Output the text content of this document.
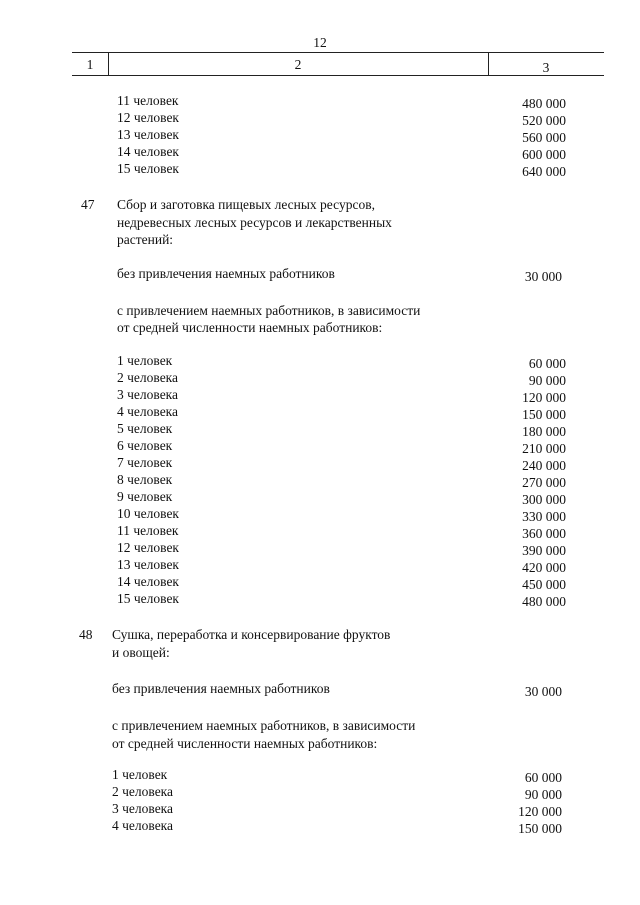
12
1	2	3
11 человек	480 000
12 человек	520 000
13 человек	560 000
14 человек	600 000
15 человек	640 000
47 Сбор и заготовка пищевых лесных ресурсов,
недревесных лесных ресурсов и лекарственных
растений:
без привлечения наемных работников	30 000
с привлечением наемных работников, в зависимости
от средней численности наемных работников:
1 человек	60 000
2 человека	90 000
3 человека	120 000
4 человека	150 000
5 человек	180 000
6 человек	210 000
7 человек	240 000
8 человек	270 000
9 человек	300 000
10 человек	330 000
11 человек	360 000
12 человек	390 000
13 человек	420 000
14 человек	450 000
15 человек	480 000
48 Сушка, переработка и консервирование фруктов
и овощей:
без привлечения наемных работников	30 000
с привлечением наемных работников, в зависимости
от средней численности наемных работников:
1 человек	60 000
2 человека	90 000
3 человека	120 000
4 человека	150 000
